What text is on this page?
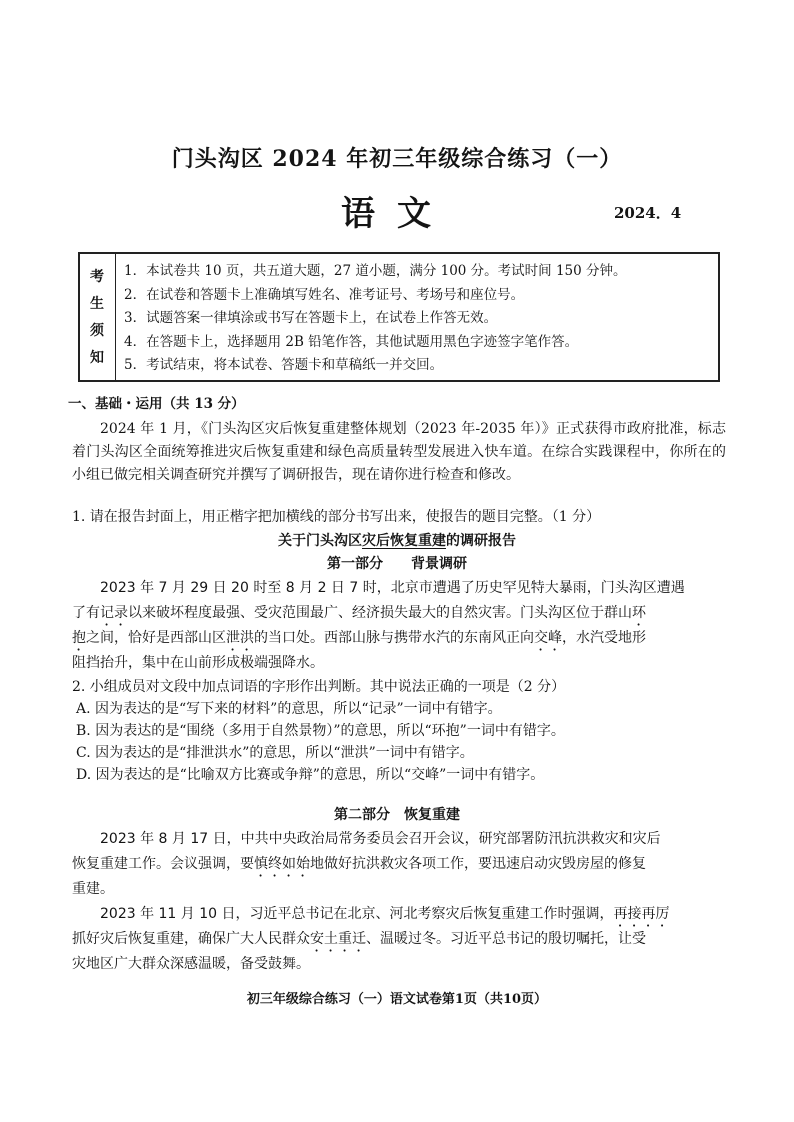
门头沟区 2024 年初三年级综合练习（一）
语文	2024．4
考
生
须
知
1．本试卷共 10 页，共五道大题，27 道小题，满分 100 分。考试时间 150 分钟。
2．在试卷和答题卡上准确填写姓名、准考证号、考场号和座位号。
3．试题答案一律填涂或书写在答题卡上，在试卷上作答无效。
4．在答题卡上，选择题用 2B 铅笔作答，其他试题用黑色字迹签字笔作答。
5．考试结束，将本试卷、答题卡和草稿纸一并交回。
一、基础・运用（共 13 分）
2024 年 1 月，《门头沟区灾后恢复重建整体规划（2023 年-2035 年）》正式获得市政府批准，标志着门头沟区全面统筹推进灾后恢复重建和绿色高质量转型发展进入快车道。在综合实践课程中，你所在的小组已做完相关调查研究并撰写了调研报告，现在请你进行检查和修改。
1. 请在报告封面上，用正楷字把加横线的部分书写出来，使报告的题目完整。（1 分）
关于门头沟区灾后恢复重建的调研报告
第一部分　　背景调研
2023 年 7 月 29 日 20 时至 8 月 2 日 7 时，北京市遭遇了历史罕见特大暴雨，门头沟区遭遇
了有记录以来破坏程度最强、受灾范围最广、经济损失最大的自然灾害。门头沟区位于群山环
抱之间，恰好是西部山区泄洪的当口处。西部山脉与携带水汽的东南风正向交峰，水汽受地形
阻挡抬升，集中在山前形成极端强降水。
2. 小组成员对文段中加点词语的字形作出判断。其中说法正确的一项是（2 分）
A. 因为表达的是“写下来的材料”的意思，所以“记录”一词中有错字。
B. 因为表达的是“围绕（多用于自然景物）”的意思，所以“环抱”一词中有错字。
C. 因为表达的是“排泄洪水”的意思，所以“泄洪”一词中有错字。
D. 因为表达的是“比喻双方比赛或争辩”的意思，所以“交峰”一词中有错字。
第二部分　恢复重建
2023 年 8 月 17 日，中共中央政治局常务委员会召开会议，研究部署防汛抗洪救灾和灾后
恢复重建工作。会议强调，要慎终如始地做好抗洪救灾各项工作，要迅速启动灾毁房屋的修复
重建。
2023 年 11 月 10 日，习近平总书记在北京、河北考察灾后恢复重建工作时强调，再接再厉
抓好灾后恢复重建，确保广大人民群众安土重迁、温暖过冬。习近平总书记的殷切嘱托，让受
灾地区广大群众深感温暖，备受鼓舞。
初三年级综合练习（一）语文试卷第1页（共10页）
